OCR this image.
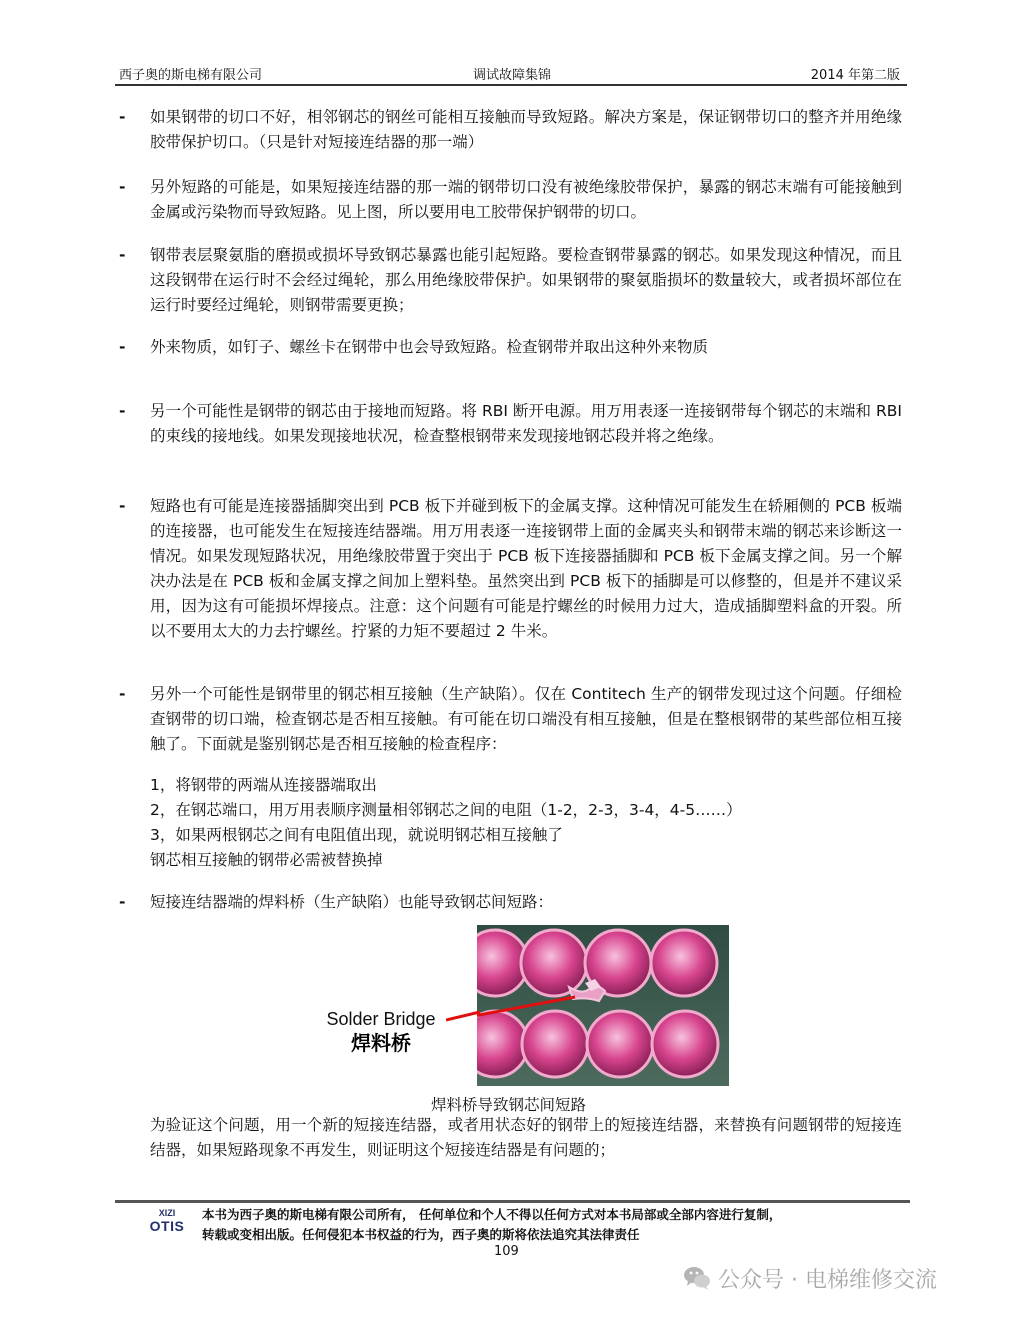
西子奥的斯电梯有限公司	调试故障集锦	2014 年第二版
- 如果钢带的切口不好，相邻钢芯的钢丝可能相互接触而导致短路。解决方案是，保证钢带切口的整齐并用绝缘胶带保护切口。（只是针对短接连结器的那一端）
- 另外短路的可能是，如果短接连结器的那一端的钢带切口没有被绝缘胶带保护，暴露的钢芯末端有可能接触到金属或污染物而导致短路。见上图，所以要用电工胶带保护钢带的切口。
- 钢带表层聚氨脂的磨损或损坏导致钢芯暴露也能引起短路。要检查钢带暴露的钢芯。如果发现这种情况，而且这段钢带在运行时不会经过绳轮，那么用绝缘胶带保护。如果钢带的聚氨脂损坏的数量较大，或者损坏部位在运行时要经过绳轮，则钢带需要更换；
- 外来物质，如钉子、螺丝卡在钢带中也会导致短路。检查钢带并取出这种外来物质
- 另一个可能性是钢带的钢芯由于接地而短路。将 RBI 断开电源。用万用表逐一连接钢带每个钢芯的末端和 RBI 的束线的接地线。如果发现接地状况，检查整根钢带来发现接地钢芯段并将之绝缘。
- 短路也有可能是连接器插脚突出到 PCB 板下并碰到板下的金属支撑。这种情况可能发生在轿厢侧的 PCB 板端的连接器，也可能发生在短接连结器端。用万用表逐一连接钢带上面的金属夹头和钢带末端的钢芯来诊断这一情况。如果发现短路状况，用绝缘胶带置于突出于 PCB 板下连接器插脚和 PCB 板下金属支撑之间。另一个解决办法是在 PCB 板和金属支撑之间加上塑料垫。虽然突出到 PCB 板下的插脚是可以修整的，但是并不建议采用，因为这有可能损坏焊接点。注意：这个问题有可能是拧螺丝的时候用力过大，造成插脚塑料盒的开裂。所以不要用太大的力去拧螺丝。拧紧的力矩不要超过 2 牛米。
- 另外一个可能性是钢带里的钢芯相互接触（生产缺陷）。仅在 Contitech 生产的钢带发现过这个问题。仔细检查钢带的切口端，检查钢芯是否相互接触。有可能在切口端没有相互接触，但是在整根钢带的某些部位相互接触了。下面就是鉴别钢芯是否相互接触的检查程序：
1，将钢带的两端从连接器端取出
2，在钢芯端口，用万用表顺序测量相邻钢芯之间的电阻（1-2，2-3，3-4，4-5……）
3，如果两根钢芯之间有电阻值出现，就说明钢芯相互接触了
钢芯相互接触的钢带必需被替换掉
- 短接连结器端的焊料桥（生产缺陷）也能导致钢芯间短路：
Solder Bridge
焊料桥
焊料桥导致钢芯间短路
为验证这个问题，用一个新的短接连结器，或者用状态好的钢带上的短接连结器，来替换有问题钢带的短接连结器，如果短路现象不再发生，则证明这个短接连结器是有问题的；
XIZI
OTIS
本书为西子奥的斯电梯有限公司所有， 任何单位和个人不得以任何方式对本书局部或全部内容进行复制，
转载或变相出版。任何侵犯本书权益的行为，西子奥的斯将依法追究其法律责任
109
公众号 · 电梯维修交流
